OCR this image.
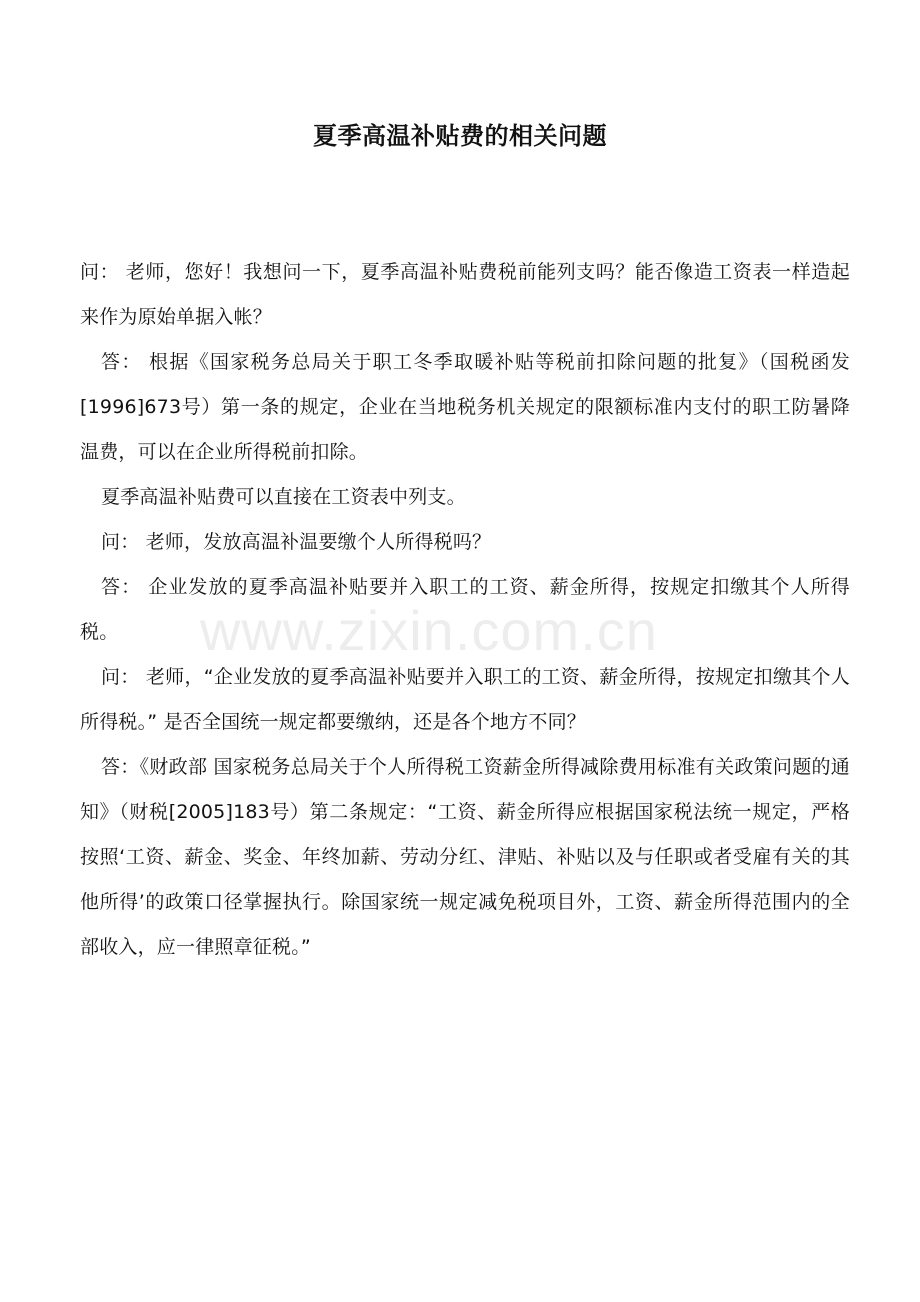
夏季高温补贴费的相关问题

问： 老师，您好！我想问一下，夏季高温补贴费税前能列支吗？能否像造工资表一样造起来作为原始单据入帐？

答： 根据《国家税务总局关于职工冬季取暖补贴等税前扣除问题的批复》（国税函发[1996]673号）第一条的规定，企业在当地税务机关规定的限额标准内支付的职工防暑降温费，可以在企业所得税前扣除。

夏季高温补贴费可以直接在工资表中列支。

问： 老师，发放高温补温要缴个人所得税吗？

答： 企业发放的夏季高温补贴要并入职工的工资、薪金所得，按规定扣缴其个人所得税。

问： 老师，“企业发放的夏季高温补贴要并入职工的工资、薪金所得，按规定扣缴其个人所得税。” 是否全国统一规定都要缴纳，还是各个地方不同？

答：《财政部 国家税务总局关于个人所得税工资薪金所得减除费用标准有关政策问题的通知》（财税[2005]183号）第二条规定：“工资、薪金所得应根据国家税法统一规定，严格按照‘工资、薪金、奖金、年终加薪、劳动分红、津贴、补贴以及与任职或者受雇有关的其他所得’的政策口径掌握执行。除国家统一规定减免税项目外，工资、薪金所得范围内的全部收入，应一律照章征税。”

www.zixin.com.cn
